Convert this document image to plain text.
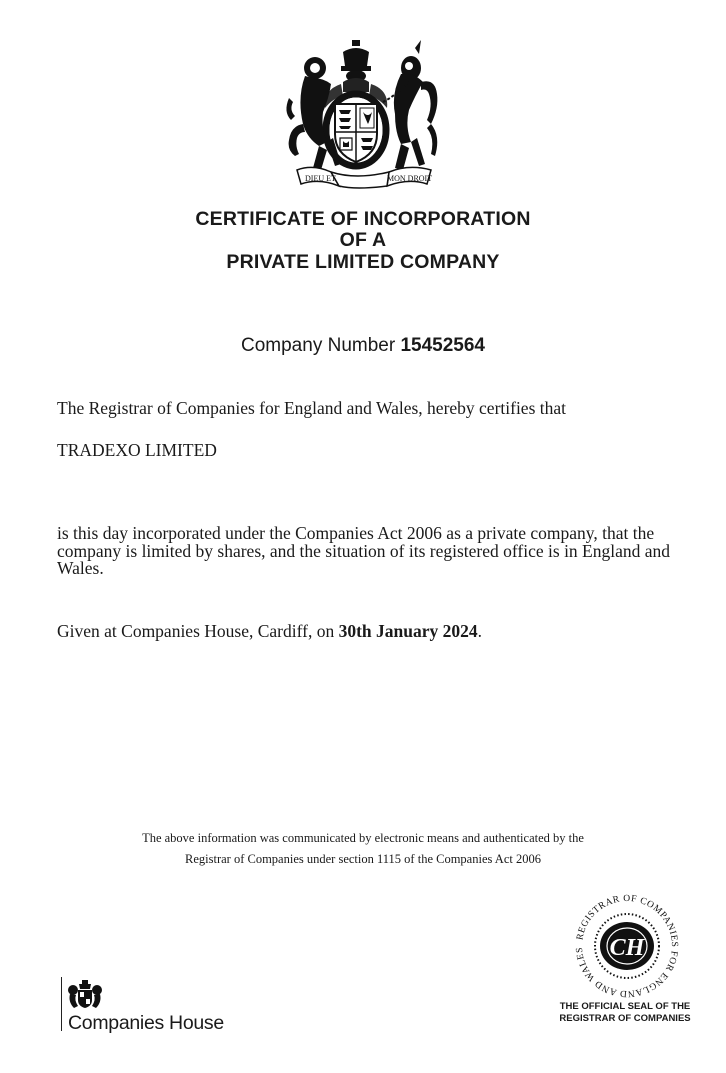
DIEU ET	MON DROIT
CERTIFICATE OF INCORPORATION
OF A
PRIVATE LIMITED COMPANY
Company Number 15452564
The Registrar of Companies for England and Wales, hereby certifies that
TRADEXO LIMITED
is this day incorporated under the Companies Act 2006 as a private company, that the company is limited by shares, and the situation of its registered office is in England and Wales.
Given at Companies House, Cardiff, on 30th January 2024.
The above information was communicated by electronic means and authenticated by the
Registrar of Companies under section 1115 of the Companies Act 2006
REGISTRAR OF COMPANIES FOR ENGLAND AND WALES	CH
THE OFFICIAL SEAL OF THE
REGISTRAR OF COMPANIES
Companies House
